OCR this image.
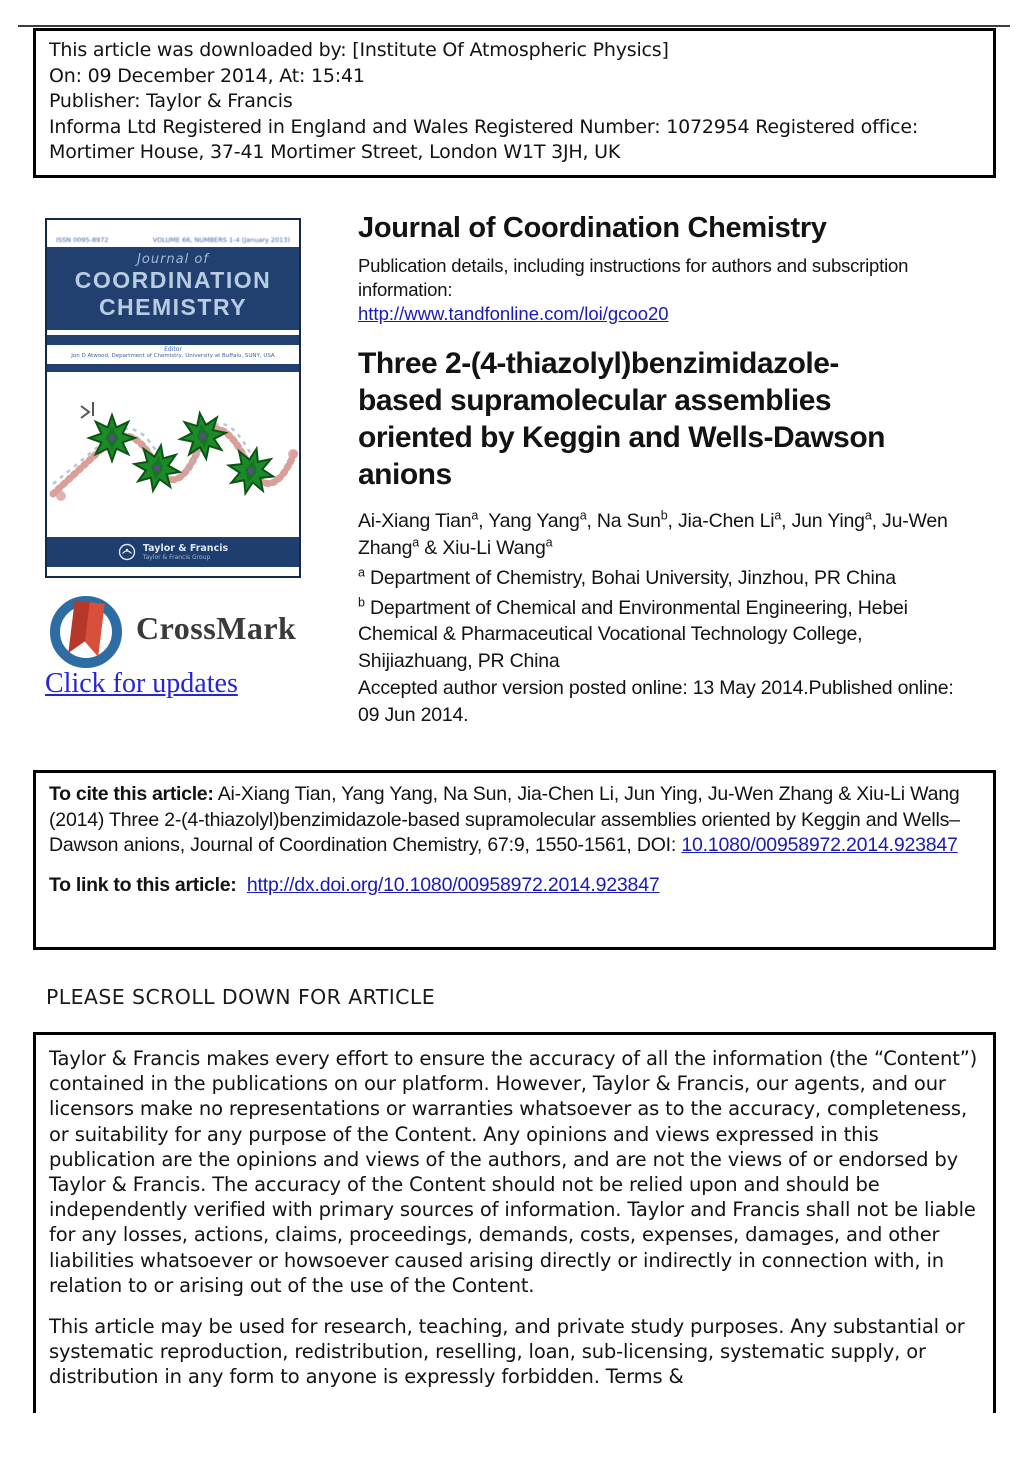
This article was downloaded by: [Institute Of Atmospheric Physics]
On: 09 December 2014, At: 15:41
Publisher: Taylor & Francis
Informa Ltd Registered in England and Wales Registered Number: 1072954 Registered office: Mortimer House, 37-41 Mortimer Street, London W1T 3JH, UK
ISSN 0095-8972	VOLUME 66, NUMBERS 1-4 (January 2013)
Journal of
COORDINATION
CHEMISTRY
Editor
Jon D Atwood, Department of Chemistry, University at Buffalo, SUNY, USA
Taylor & Francis
Taylor & Francis Group
Journal of Coordination Chemistry
Publication details, including instructions for authors and subscription information:
http://www.tandfonline.com/loi/gcoo20
Three 2-(4-thiazolyl)benzimidazole-
based supramolecular assemblies
oriented by Keggin and Wells-Dawson
anions
Ai-Xiang Tian$^a$, Yang Yang$^a$, Na Sun$^b$, Jia-Chen Li$^a$, Jun Ying$^a$, Ju-Wen Zhang$^a$ & Xiu-Li Wang$^a$
$^a$ Department of Chemistry, Bohai University, Jinzhou, PR China
$^b$ Department of Chemical and Environmental Engineering, Hebei Chemical & Pharmaceutical Vocational Technology College, Shijiazhuang, PR China
Accepted author version posted online: 13 May 2014.Published online: 09 Jun 2014.
CrossMark
Click for updates
To cite this article: Ai-Xiang Tian, Yang Yang, Na Sun, Jia-Chen Li, Jun Ying, Ju-Wen Zhang & Xiu-Li Wang (2014) Three 2-(4-thiazolyl)benzimidazole-based supramolecular assemblies oriented by Keggin and Wells–Dawson anions, Journal of Coordination Chemistry, 67:9, 1550-1561, DOI: 10.1080/00958972.2014.923847
To link to this article: http://dx.doi.org/10.1080/00958972.2014.923847
PLEASE SCROLL DOWN FOR ARTICLE
Taylor & Francis makes every effort to ensure the accuracy of all the information (the “Content”) contained in the publications on our platform. However, Taylor & Francis, our agents, and our licensors make no representations or warranties whatsoever as to the accuracy, completeness, or suitability for any purpose of the Content. Any opinions and views expressed in this publication are the opinions and views of the authors, and are not the views of or endorsed by Taylor & Francis. The accuracy of the Content should not be relied upon and should be independently verified with primary sources of information. Taylor and Francis shall not be liable for any losses, actions, claims, proceedings, demands, costs, expenses, damages, and other liabilities whatsoever or howsoever caused arising directly or indirectly in connection with, in relation to or arising out of the use of the Content.
This article may be used for research, teaching, and private study purposes. Any substantial or systematic reproduction, redistribution, reselling, loan, sub-licensing, systematic supply, or distribution in any form to anyone is expressly forbidden. Terms &
